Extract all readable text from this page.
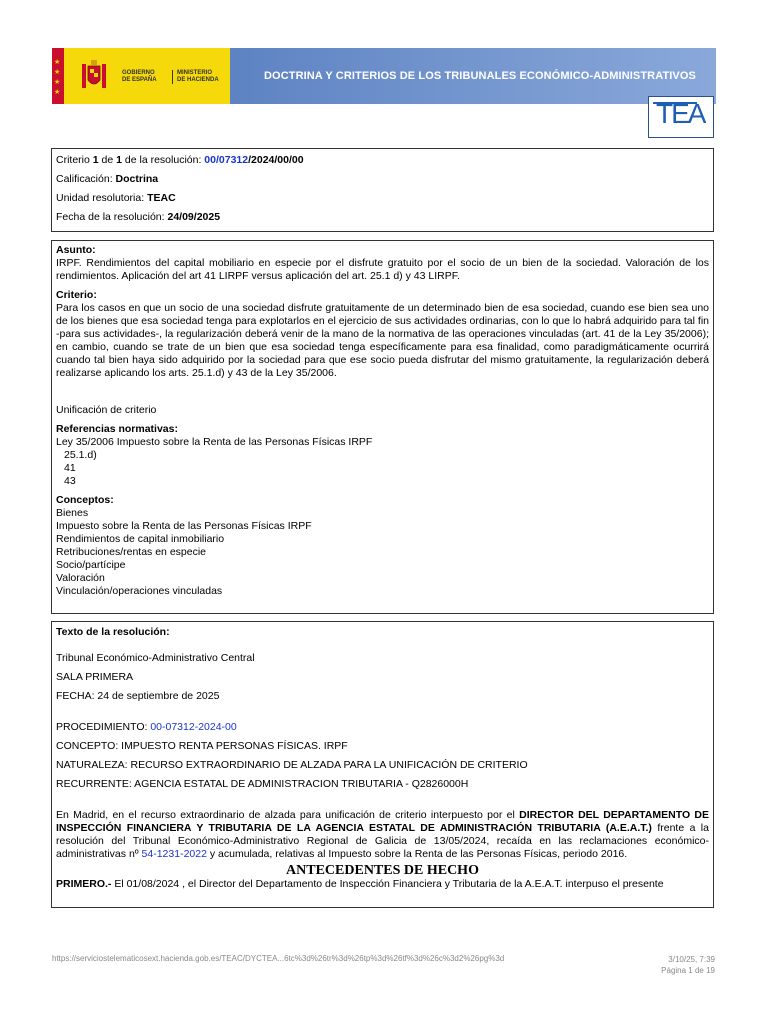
★
★
★
★
GOBIERNO
DE ESPAÑA
MINISTERIO
DE HACIENDA	DOCTRINA Y CRITERIOS DE LOS TRIBUNALES ECONÓMICO-ADMINISTRATIVOS
TEA

Criterio 1 de 1 de la resolución: 00/07312/2024/00/00

Calificación: Doctrina

Unidad resolutoria: TEAC

Fecha de la resolución: 24/09/2025

Asunto:

IRPF. Rendimientos del capital mobiliario en especie por el disfrute gratuito por el socio de un bien de la sociedad. Valoración de los rendimientos. Aplicación del art 41 LIRPF versus aplicación del art. 25.1 d) y 43 LIRPF.

Criterio:

Para los casos en que un socio de una sociedad disfrute gratuitamente de un determinado bien de esa sociedad, cuando ese bien sea uno de los bienes que esa sociedad tenga para explotarlos en el ejercicio de sus actividades ordinarias, con lo que lo habrá adquirido para tal fin -para sus actividades-, la regularización deberá venir de la mano de la normativa de las operaciones vinculadas (art. 41 de la Ley 35/2006); en cambio, cuando se trate de un bien que esa sociedad tenga específicamente para esa finalidad, como paradigmáticamente ocurrirá cuando tal bien haya sido adquirido por la sociedad para que ese socio pueda disfrutar del mismo gratuitamente, la regularización deberá realizarse aplicando los arts. 25.1.d) y 43 de la Ley 35/2006.

Unificación de criterio

Referencias normativas:

Ley 35/2006 Impuesto sobre la Renta de las Personas Físicas IRPF

25.1.d)

41

43

Conceptos:

Bienes

Impuesto sobre la Renta de las Personas Físicas IRPF

Rendimientos de capital inmobiliario

Retribuciones/rentas en especie

Socio/partícipe

Valoración

Vinculación/operaciones vinculadas

Texto de la resolución:

Tribunal Económico-Administrativo Central

SALA PRIMERA

FECHA: 24 de septiembre de 2025

PROCEDIMIENTO: 00-07312-2024-00

CONCEPTO: IMPUESTO RENTA PERSONAS FÍSICAS. IRPF

NATURALEZA: RECURSO EXTRAORDINARIO DE ALZADA PARA LA UNIFICACIÓN DE CRITERIO

RECURRENTE: AGENCIA ESTATAL DE ADMINISTRACION TRIBUTARIA - Q2826000H

En Madrid, en el recurso extraordinario de alzada para unificación de criterio interpuesto por el DIRECTOR DEL DEPARTAMENTO DE INSPECCIÓN FINANCIERA Y TRIBUTARIA DE LA AGENCIA ESTATAL DE ADMINISTRACIÓN TRIBUTARIA (A.E.A.T.) frente a la resolución del Tribunal Económico-Administrativo Regional de Galicia de 13/05/2024, recaída en las reclamaciones económico-administrativas nº 54-1231-2022 y acumulada, relativas al Impuesto sobre la Renta de las Personas Físicas, periodo 2016.

ANTECEDENTES DE HECHO

PRIMERO.- El 01/08/2024 , el Director del Departamento de Inspección Financiera y Tributaria de la A.E.A.T. interpuso el presente

https://serviciostelematicosext.hacienda.gob.es/TEAC/DYCTEA...6tc%3d%26tr%3d%26tp%3d%26tf%3d%26c%3d2%26pg%3d	3/10/25, 7:39
Página 1 de 19
